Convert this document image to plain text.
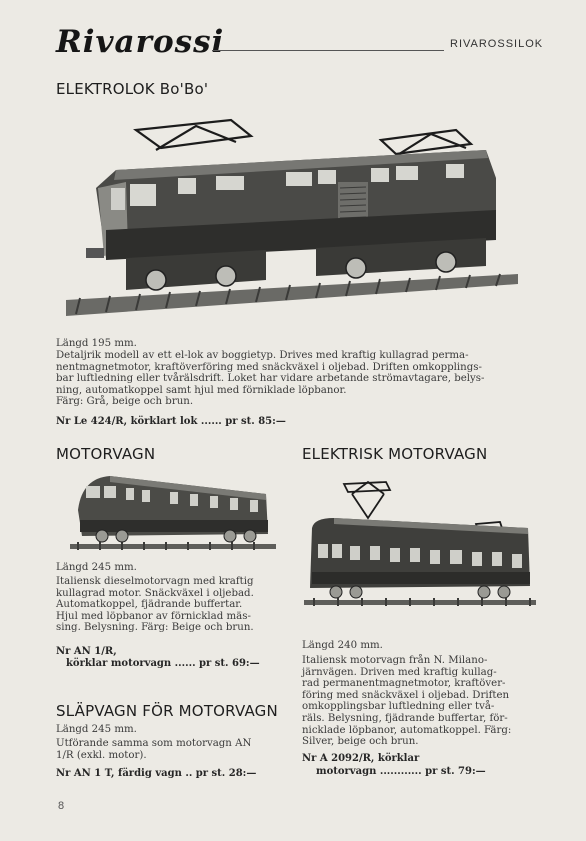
Rivarossi	RIVAROSSILOK
ELEKTROLOK Bo'Bo'
Längd 195 mm.
Detaljrik modell av ett el-lok av boggietyp. Drives med kraftig kullagrad perma-
nentmagnetmotor, kraftöverföring med snäckväxel i oljebad. Driften omkopplings-
bar luftledning eller tvårälsdrift. Loket har vidare arbetande strömavtagare, belys-
ning, automatkoppel samt hjul med förniklade löpbanor.
Färg: Grå, beige och brun.
Nr Le 424/R, körklart lok ...... pr st. 85:—
MOTORVAGN
Längd 245 mm.
Italiensk dieselmotorvagn med kraftig
kullagrad motor. Snäckväxel i oljebad.
Automatkoppel, fjädrande buffertar.
Hjul med löpbanor av förnicklad mäs-
sing. Belysning. Färg: Beige och brun.
Nr AN 1/R,
körklar motorvagn ...... pr st. 69:—
SLÄPVAGN FÖR MOTORVAGN
Längd 245 mm.
Utförande samma som motorvagn AN
1/R (exkl. motor).
Nr AN 1 T, färdig vagn .. pr st. 28:—
ELEKTRISK MOTORVAGN
Längd 240 mm.
Italiensk motorvagn från N. Milano-
järnvägen. Driven med kraftig kullag-
rad permanentmagnetmotor, kraftöver-
föring med snäckväxel i oljebad. Driften
omkopplingsbar luftledning eller två-
räls. Belysning, fjädrande buffertar, för-
nicklade löpbanor, automatkoppel. Färg:
Silver, beige och brun.
Nr A 2092/R, körklar
motorvagn ............ pr st. 79:—
8
